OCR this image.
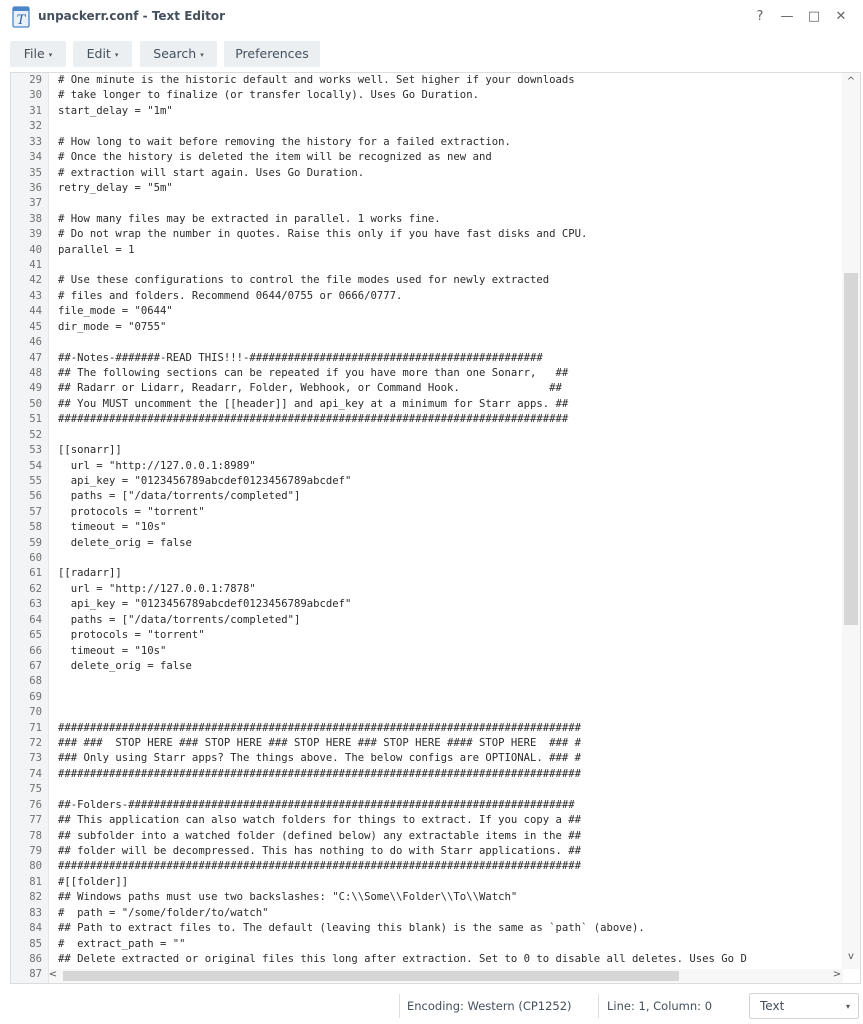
T unpackerr.conf - Text Editor	?	—	□	✕
File ▾	Edit ▾	Search ▾	Preferences
29 # One minute is the historic default and works well. Set higher if your downloads
30 # take longer to finalize (or transfer locally). Uses Go Duration.
31 start_delay = "1m"
32
33 # How long to wait before removing the history for a failed extraction.
34 # Once the history is deleted the item will be recognized as new and
35 # extraction will start again. Uses Go Duration.
36 retry_delay = "5m"
37
38 # How many files may be extracted in parallel. 1 works fine.
39 # Do not wrap the number in quotes. Raise this only if you have fast disks and CPU.
40 parallel = 1
41
42 # Use these configurations to control the file modes used for newly extracted
43 # files and folders. Recommend 0644/0755 or 0666/0777.
44 file_mode = "0644"
45 dir_mode = "0755"
46
47 ##-Notes-#######-READ THIS!!!-##############################################
48 ## The following sections can be repeated if you have more than one Sonarr,   ##
49 ## Radarr or Lidarr, Readarr, Folder, Webhook, or Command Hook.              ##
50 ## You MUST uncomment the [[header]] and api_key at a minimum for Starr apps. ##
51 ################################################################################
52
53 [[sonarr]]
54 url = "http://127.0.0.1:8989"
55 api_key = "0123456789abcdef0123456789abcdef"
56 paths = ["/data/torrents/completed"]
57 protocols = "torrent"
58 timeout = "10s"
59 delete_orig = false
60
61 [[radarr]]
62 url = "http://127.0.0.1:7878"
63 api_key = "0123456789abcdef0123456789abcdef"
64 paths = ["/data/torrents/completed"]
65 protocols = "torrent"
66 timeout = "10s"
67 delete_orig = false
68
69
70
71 ##################################################################################
72 ### ###  STOP HERE ### STOP HERE ### STOP HERE ### STOP HERE #### STOP HERE  ### #
73 ### Only using Starr apps? The things above. The below configs are OPTIONAL. ### #
74 ##################################################################################
75
76 ##-Folders-######################################################################
77 ## This application can also watch folders for things to extract. If you copy a ##
78 ## subfolder into a watched folder (defined below) any extractable items in the ##
79 ## folder will be decompressed. This has nothing to do with Starr applications. ##
80 ##################################################################################
81 #[[folder]]
82 ## Windows paths must use two backslashes: "C:\\Some\\Folder\\To\\Watch"
83 #  path = "/some/folder/to/watch"
84 ## Path to extract files to. The default (leaving this blank) is the same as `path` (above).
85 #  extract_path = ""
86 ## Delete extracted or original files this long after extraction. Set to 0 to disable all deletes. Uses Go D
87
^
v
<	>
Encoding: Western (CP1252)	Line: 1, Column: 0	Text	▾
